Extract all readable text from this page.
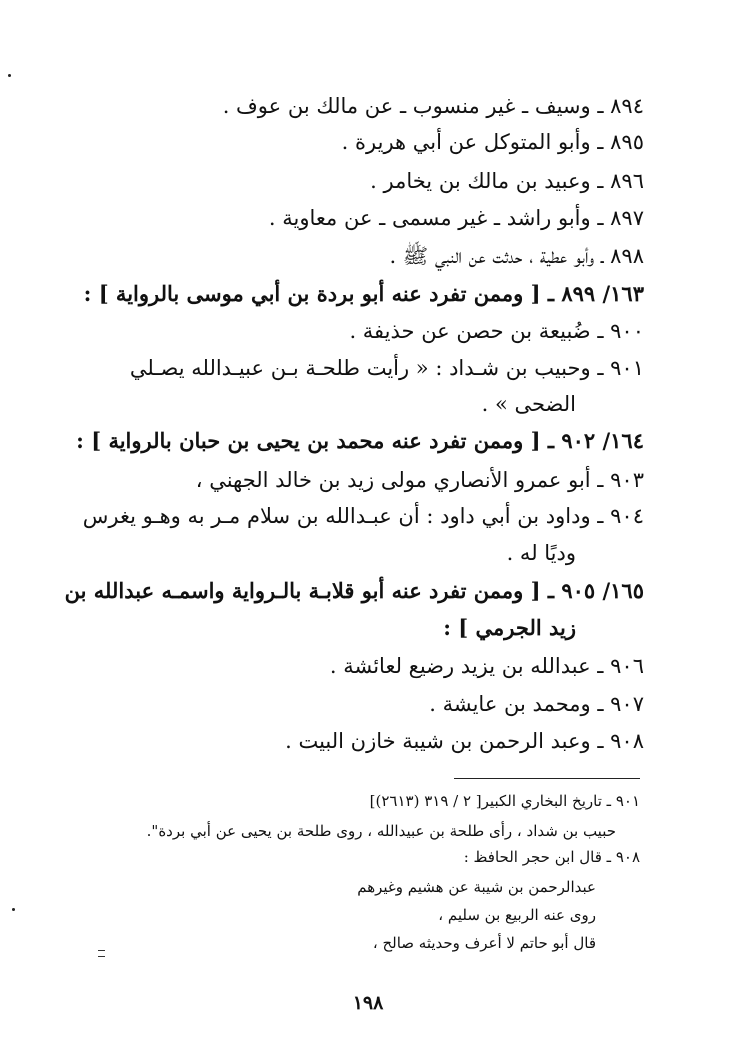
٨٩٤ ـ وسيف ـ غير منسوب ـ عن مالك بن عوف .
٨٩٥ ـ وأبو المتوكل عن أبي هريرة .
٨٩٦ ـ وعبيد بن مالك بن يخامر .
٨٩٧ ـ وأبو راشد ـ غير مسمى ـ عن معاوية .
٨٩٨ ـ وأبو عطية ، حدثت عن النبي ﷺ .
١٦٣/ ٨٩٩ ـ [ وممن تفرد عنه أبو بردة بن أبي موسى بالرواية ] :
٩٠٠ ـ ضُبيعة بن حصن عن حذيفة .
٩٠١ ـ وحبيب بن شـداد : « رأيت طلحـة بـن عبيـدالله يصـلي
الضحى » .
١٦٤/ ٩٠٢ ـ [ وممن تفرد عنه محمد بن يحيى بن حبان بالرواية ] :
٩٠٣ ـ أبو عمرو الأنصاري مولى زيد بن خالد الجهني ،
٩٠٤ ـ وداود بن أبي داود : أن عبـدالله بن سلام مـر به وهـو يغرس
وديًا له .
١٦٥/ ٩٠٥ ـ [ وممن تفرد عنه أبو قلابـة بالـرواية واسمـه عبدالله بن
زيد الجرمي ] :
٩٠٦ ـ عبدالله بن يزيد رضيع لعائشة .
٩٠٧ ـ ومحمد بن عايشة .
٩٠٨ ـ وعبد الرحمن بن شيبة خازن البيت .
٩٠١ ـ تاريخ البخاري الكبير[ ٢ / ٣١٩ (٢٦١٣)]
حبيب بن شداد ، رأى طلحة بن عبيدالله ، روى طلحة بن يحيى عن أبي بردة".
٩٠٨ ـ قال ابن حجر الحافظ :
عبدالرحمن بن شيبة عن هشيم وغيرهم
روى عنه الربيع بن سليم ،
قال أبو حاتم لا أعرف وحديثه صالح ،
١٩٨
